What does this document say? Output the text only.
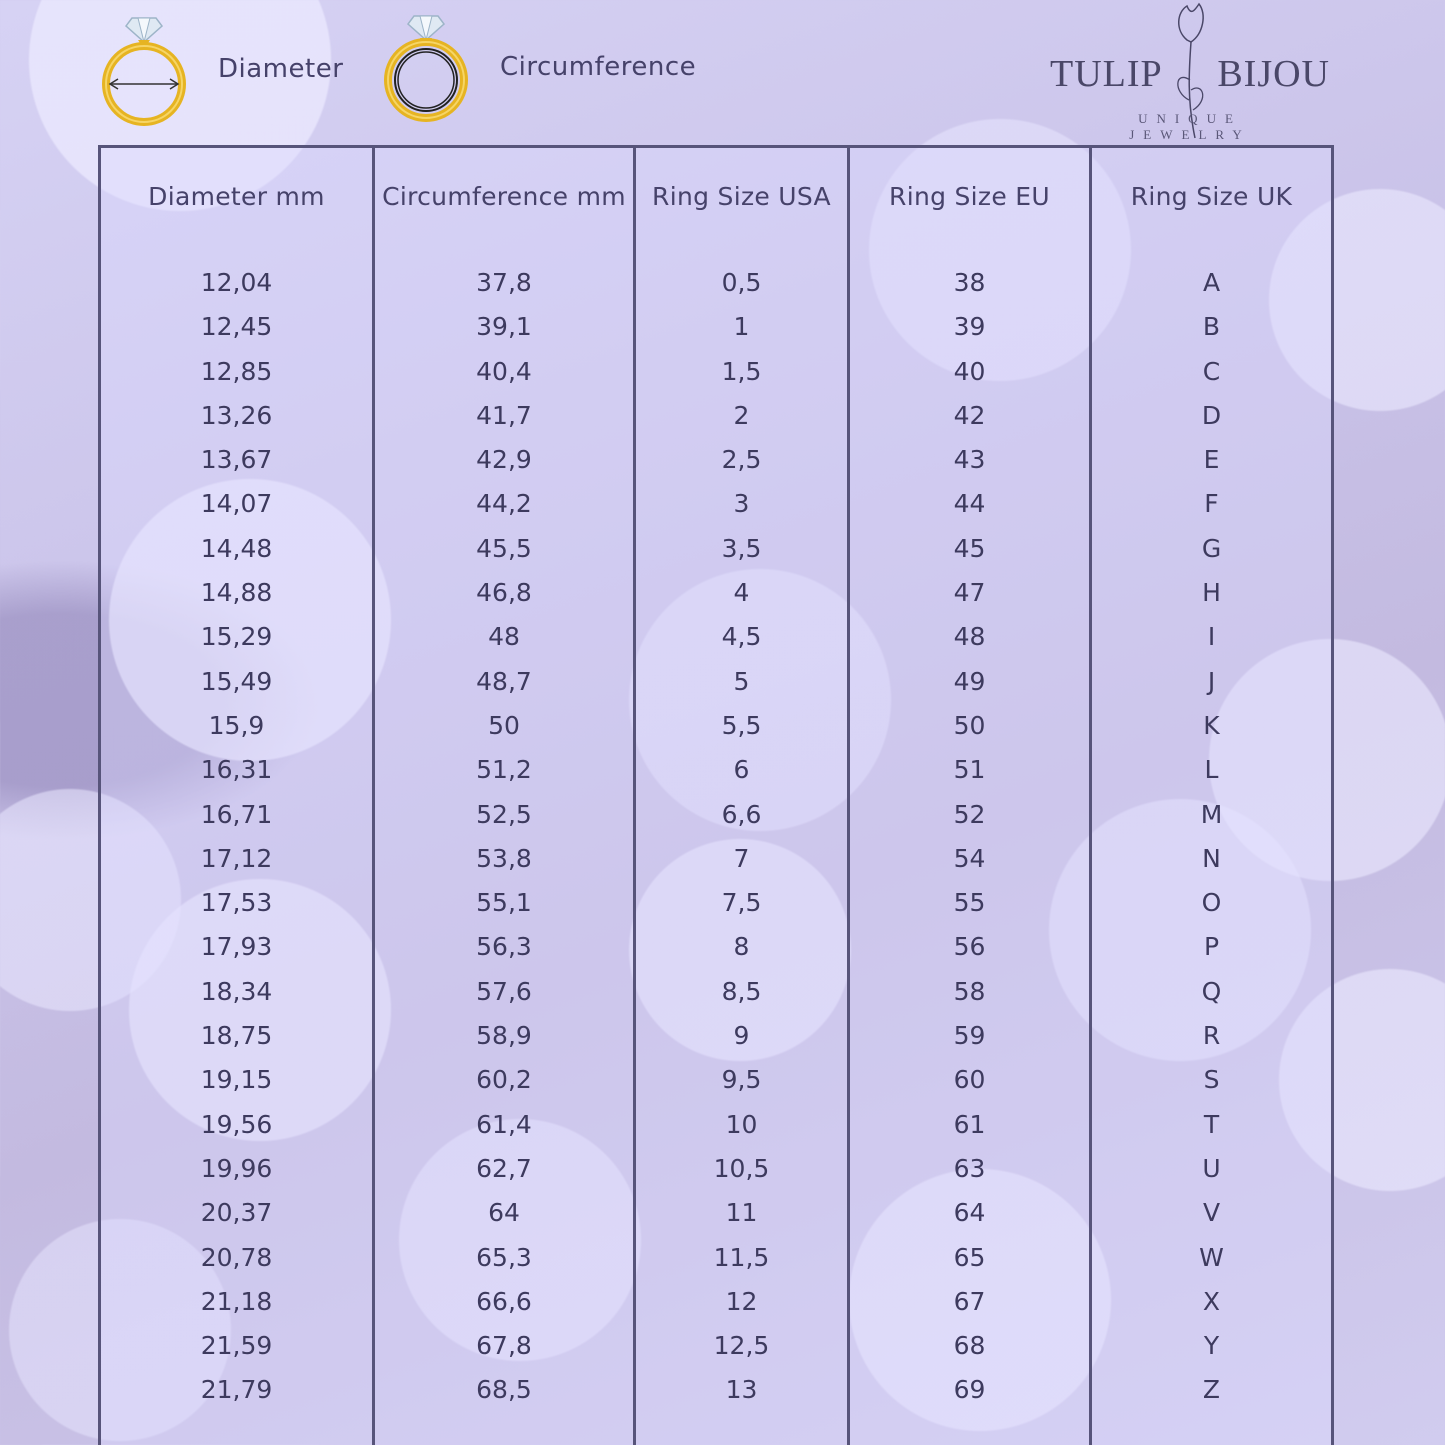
Diameter	Circumference	TULIP BIJOU
UNIQUE JEWELRY
Diameter mm
12,04
12,45
12,85
13,26
13,67
14,07
14,48
14,88
15,29
15,49
15,9
16,31
16,71
17,12
17,53
17,93
18,34
18,75
19,15
19,56
19,96
20,37
20,78
21,18
21,59
21,79
Circumference mm
37,8
39,1
40,4
41,7
42,9
44,2
45,5
46,8
48
48,7
50
51,2
52,5
53,8
55,1
56,3
57,6
58,9
60,2
61,4
62,7
64
65,3
66,6
67,8
68,5
Ring Size USA
0,5
1
1,5
2
2,5
3
3,5
4
4,5
5
5,5
6
6,6
7
7,5
8
8,5
9
9,5
10
10,5
11
11,5
12
12,5
13
Ring Size EU
38
39
40
42
43
44
45
47
48
49
50
51
52
54
55
56
58
59
60
61
63
64
65
67
68
69
Ring Size UK
A
B
C
D
E
F
G
H
I
J
K
L
M
N
O
P
Q
R
S
T
U
V
W
X
Y
Z
